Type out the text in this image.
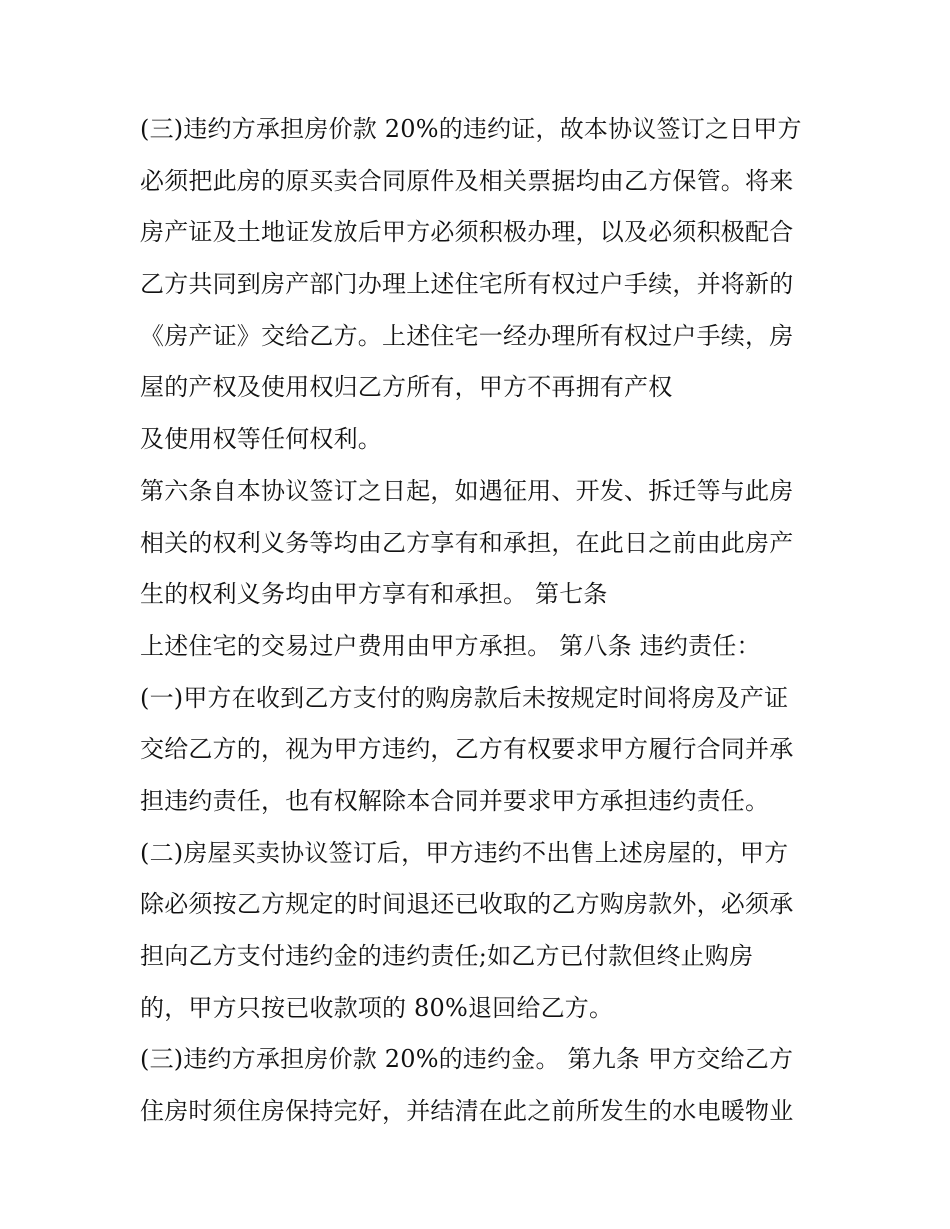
(三)违约方承担房价款 20%的违约证，故本协议签订之日甲方
必须把此房的原买卖合同原件及相关票据均由乙方保管。将来
房产证及土地证发放后甲方必须积极办理，以及必须积极配合
乙方共同到房产部门办理上述住宅所有权过户手续，并将新的
《房产证》交给乙方。上述住宅一经办理所有权过户手续，房
屋的产权及使用权归乙方所有，甲方不再拥有产权
及使用权等任何权利。
第六条自本协议签订之日起，如遇征用、开发、拆迁等与此房
相关的权利义务等均由乙方享有和承担，在此日之前由此房产
生的权利义务均由甲方享有和承担。 第七条
上述住宅的交易过户费用由甲方承担。 第八条 违约责任：
(一)甲方在收到乙方支付的购房款后未按规定时间将房及产证
交给乙方的，视为甲方违约，乙方有权要求甲方履行合同并承
担违约责任，也有权解除本合同并要求甲方承担违约责任。
(二)房屋买卖协议签订后，甲方违约不出售上述房屋的，甲方
除必须按乙方规定的时间退还已收取的乙方购房款外，必须承
担向乙方支付违约金的违约责任;如乙方已付款但终止购房
的，甲方只按已收款项的 80%退回给乙方。
(三)违约方承担房价款 20%的违约金。 第九条 甲方交给乙方
住房时须住房保持完好，并结清在此之前所发生的水电暖物业
